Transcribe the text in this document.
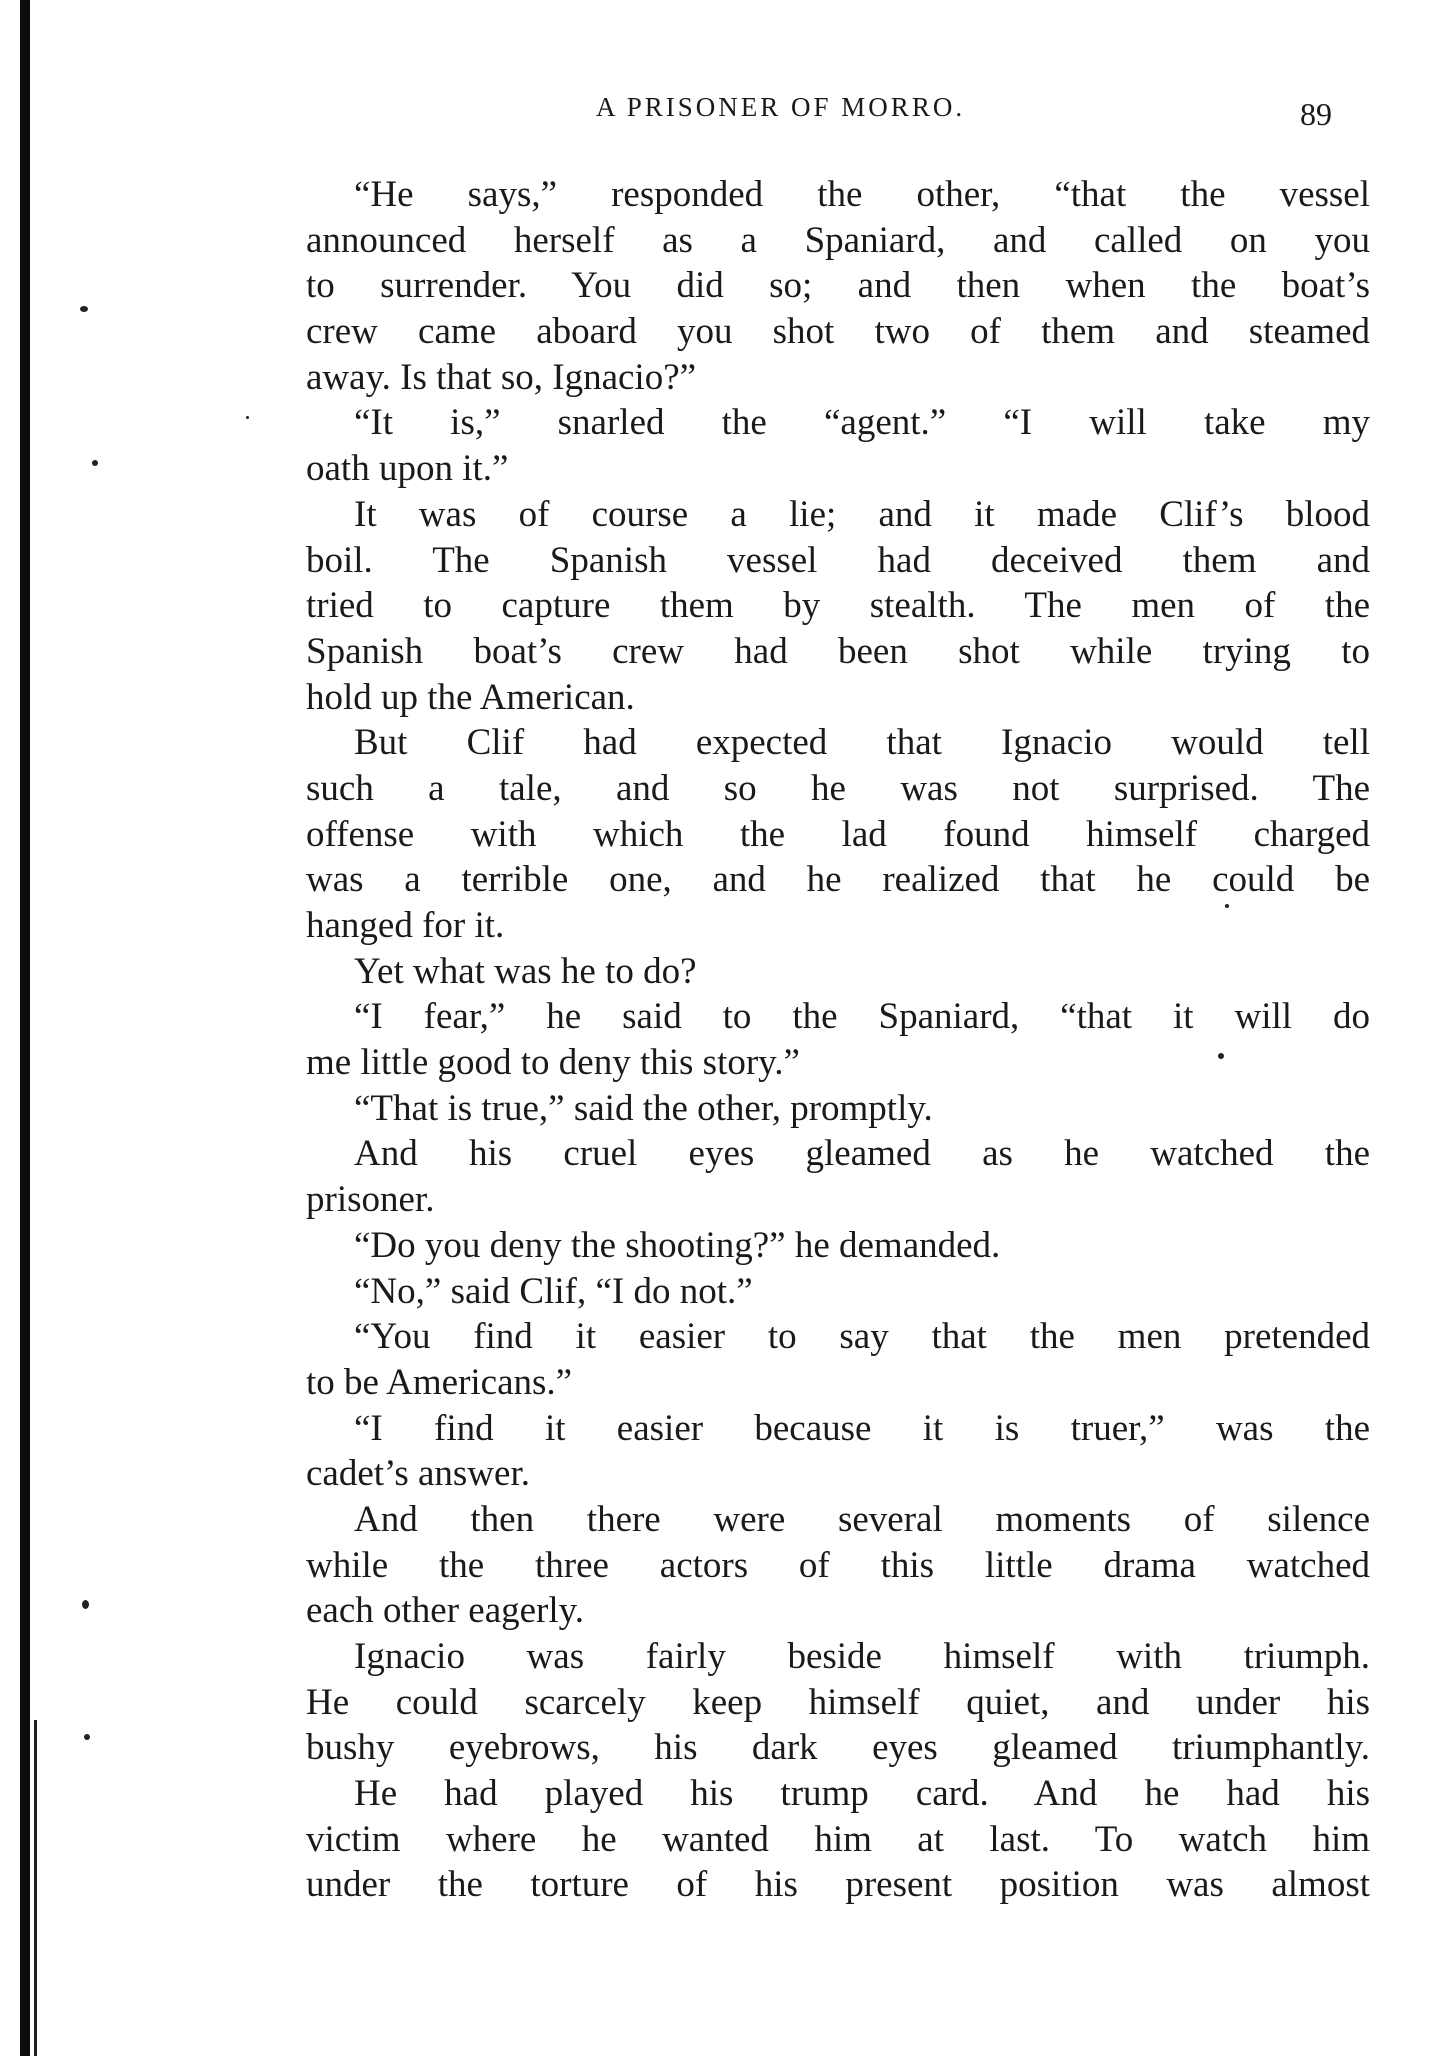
A PRISONER OF MORRO.	89
“He says,” responded the other, “that the vessel
announced herself as a Spaniard, and called on you
to surrender. You did so; and then when the boat’s
crew came aboard you shot two of them and steamed
away. Is that so, Ignacio?”
“It is,” snarled the “agent.” “I will take my
oath upon it.”
It was of course a lie; and it made Clif’s blood
boil. The Spanish vessel had deceived them and
tried to capture them by stealth. The men of the
Spanish boat’s crew had been shot while trying to
hold up the American.
But Clif had expected that Ignacio would tell
such a tale, and so he was not surprised. The
offense with which the lad found himself charged
was a terrible one, and he realized that he could be
hanged for it.
Yet what was he to do?
“I fear,” he said to the Spaniard, “that it will do
me little good to deny this story.”
“That is true,” said the other, promptly.
And his cruel eyes gleamed as he watched the
prisoner.
“Do you deny the shooting?” he demanded.
“No,” said Clif, “I do not.”
“You find it easier to say that the men pretended
to be Americans.”
“I find it easier because it is truer,” was the
cadet’s answer.
And then there were several moments of silence
while the three actors of this little drama watched
each other eagerly.
Ignacio was fairly beside himself with triumph.
He could scarcely keep himself quiet, and under his
bushy eyebrows, his dark eyes gleamed triumphantly.
He had played his trump card. And he had his
victim where he wanted him at last. To watch him
under the torture of his present position was almost
